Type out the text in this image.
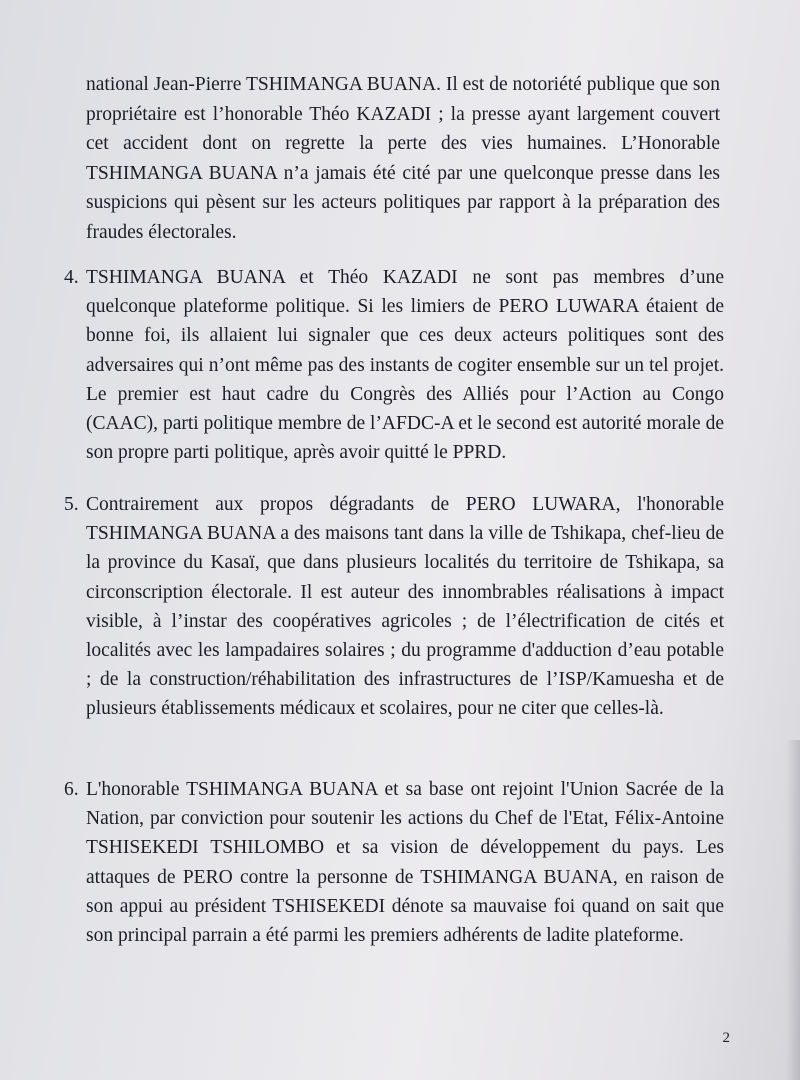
national Jean-Pierre TSHIMANGA BUANA. Il est de notoriété publique que son propriétaire est l’honorable Théo KAZADI ; la presse ayant largement couvert cet accident dont on regrette la perte des vies humaines. L’Honorable TSHIMANGA BUANA n’a jamais été cité par une quelconque presse dans les suspicions qui pèsent sur les acteurs politiques par rapport à la préparation des fraudes électorales.

4. TSHIMANGA BUANA et Théo KAZADI ne sont pas membres d’une quelconque plateforme politique. Si les limiers de PERO LUWARA étaient de bonne foi, ils allaient lui signaler que ces deux acteurs politiques sont des adversaires qui n’ont même pas des instants de cogiter ensemble sur un tel projet. Le premier est haut cadre du Congrès des Alliés pour l’Action au Congo (CAAC), parti politique membre de l’AFDC-A et le second est autorité morale de son propre parti politique, après avoir quitté le PPRD.

5. Contrairement aux propos dégradants de PERO LUWARA, l'honorable TSHIMANGA BUANA a des maisons tant dans la ville de Tshikapa, chef-lieu de la province du Kasaï, que dans plusieurs localités du territoire de Tshikapa, sa circonscription électorale. Il est auteur des innombrables réalisations à impact visible, à l’instar des coopératives agricoles ; de l’électrification de cités et localités avec les lampadaires solaires ; du programme d'adduction d’eau potable ; de la construction/réhabilitation des infrastructures de l’ISP/Kamuesha et de plusieurs établissements médicaux et scolaires, pour ne citer que celles-là.

6. L'honorable TSHIMANGA BUANA et sa base ont rejoint l'Union Sacrée de la Nation, par conviction pour soutenir les actions du Chef de l'Etat, Félix-Antoine TSHISEKEDI TSHILOMBO et sa vision de développement du pays. Les attaques de PERO contre la personne de TSHIMANGA BUANA, en raison de son appui au président TSHISEKEDI dénote sa mauvaise foi quand on sait que son principal parrain a été parmi les premiers adhérents de ladite plateforme.

2
